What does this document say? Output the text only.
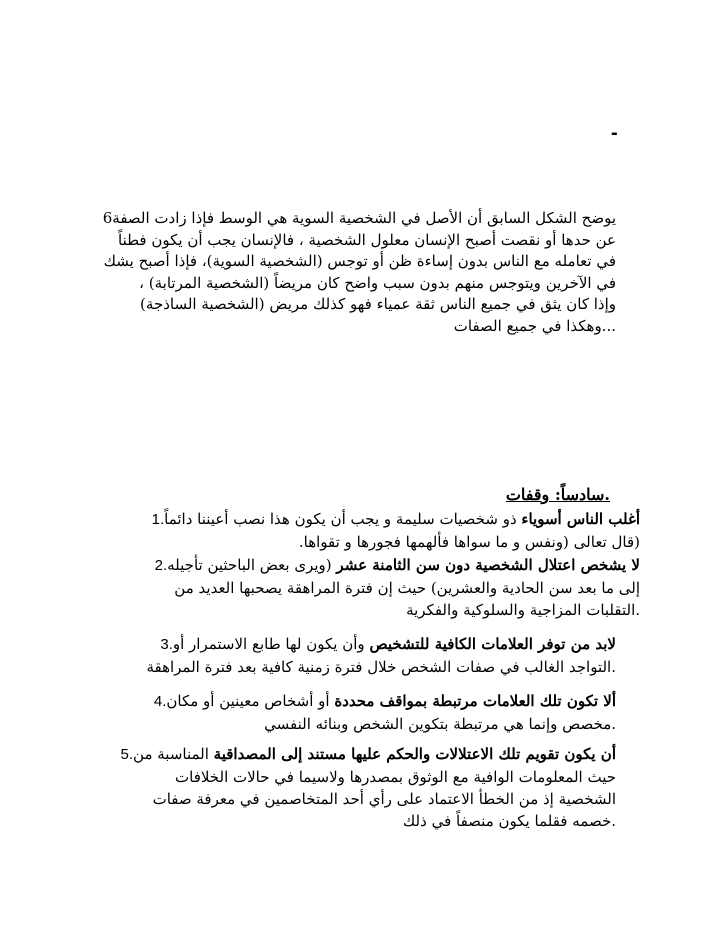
-
يوضح الشكل السابق أن الأصل في الشخصية السوية هي الوسط فإذا زادت الصفة6
عن حدها أو نقصت أصبح الإنسان معلول الشخصية ، فالإنسان يجب أن يكون فطناً
في تعامله مع الناس بدون إساءة ظن أو توجس (الشخصية السوية)، فإذا أصبح يشك
في الآخرين ويتوجس منهم بدون سبب واضح كان مريضاً (الشخصية المرتابة) ،
وإذا كان يثق في جميع الناس ثقة عمياء فهو كذلك مريض (الشخصية الساذجة)
...وهكذا في جميع الصفات
.سادساً: وقفات
أغلب الناس أسوياء ذو شخصيات سليمة و يجب أن يكون هذا نصب أعيننا دائماً.1
(قال تعالى (ونفس و ما سواها فألهمها فجورها و تقواها.
لا يشخص اعتلال الشخصية دون سن الثامنة عشر (ويرى بعض الباحثين تأجيله.2
إلى ما بعد سن الحادية والعشرين) حيث إن فترة المراهقة يصحبها العديد من
.التقلبات المزاجية والسلوكية والفكرية
لابد من توفر العلامات الكافية للتشخيص وأن يكون لها طابع الاستمرار أو.3
.التواجد الغالب في صفات الشخص خلال فترة زمنية كافية بعد فترة المراهقة
ألا تكون تلك العلامات مرتبطة بمواقف محددة أو أشخاص معينين أو مكان.4
.مخصص وإنما هي مرتبطة بتكوين الشخص وبنائه النفسي
أن يكون تقويم تلك الاعتلالات والحكم عليها مستند إلى المصداقية المناسبة من.5
حيث المعلومات الوافية مع الوثوق بمصدرها ولاسيما في حالات الخلافات
الشخصية إذ من الخطأ الاعتماد على رأي أحد المتخاصمين في معرفة صفات
.خصمه فقلما يكون منصفاً في ذلك
